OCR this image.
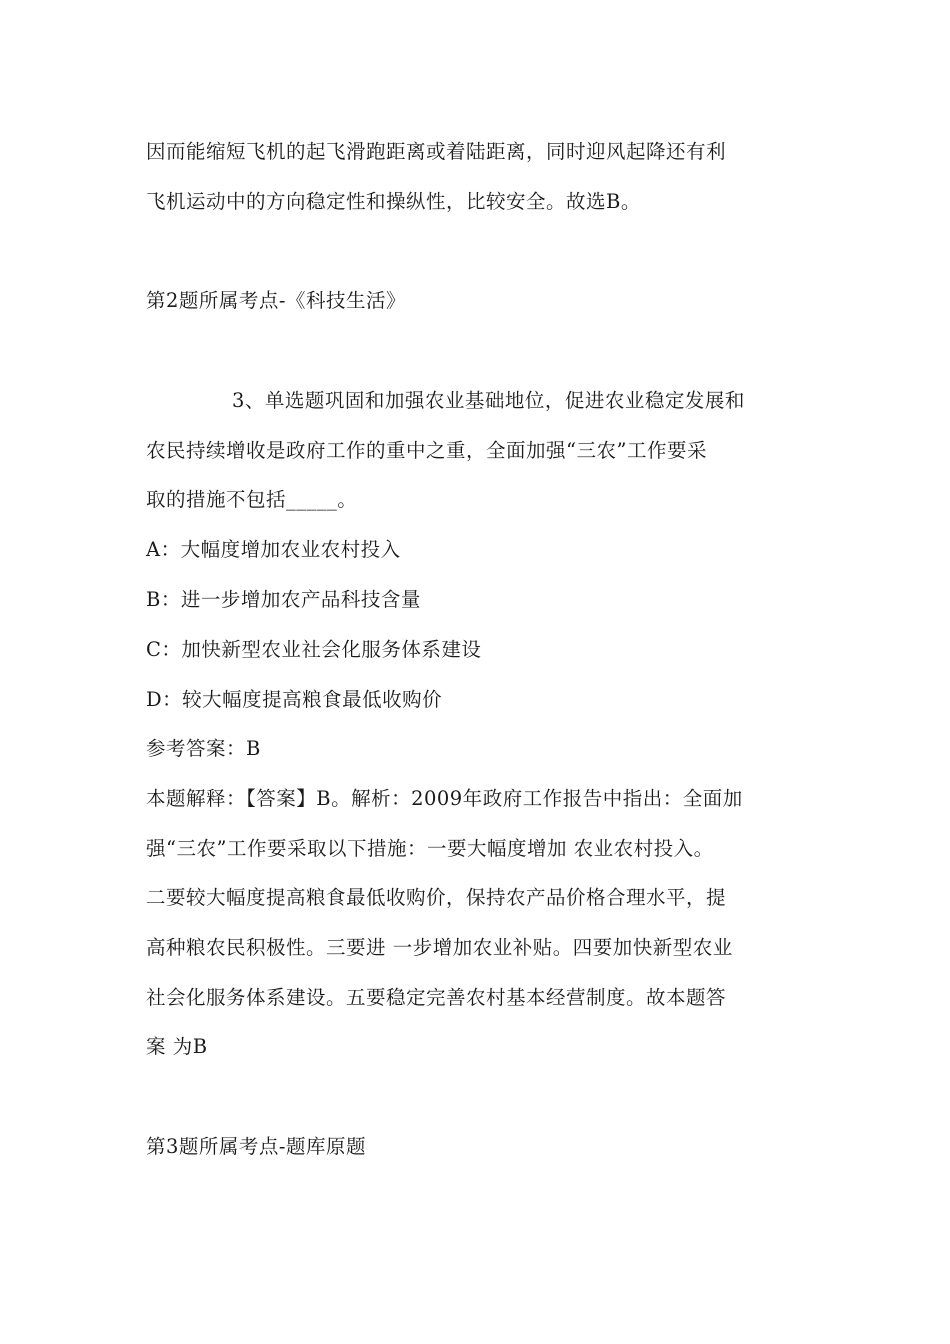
因而能缩短飞机的起飞滑跑距离或着陆距离，同时迎风起降还有利
飞机运动中的方向稳定性和操纵性，比较安全。故选B。
第2题所属考点-《科技生活》
3、单选题巩固和加强农业基础地位，促进农业稳定发展和
农民持续增收是政府工作的重中之重，全面加强“三农”工作要采
取的措施不包括_____。
A：大幅度增加农业农村投入
B：进一步增加农产品科技含量
C：加快新型农业社会化服务体系建设
D：较大幅度提高粮食最低收购价
参考答案：B
本题解释：【答案】B。解析：2009年政府工作报告中指出：全面加
强“三农”工作要采取以下措施：一要大幅度增加 农业农村投入。
二要较大幅度提高粮食最低收购价，保持农产品价格合理水平，提
高种粮农民积极性。三要进 一步增加农业补贴。四要加快新型农业
社会化服务体系建设。五要稳定完善农村基本经营制度。故本题答
案 为B
第3题所属考点-题库原题
